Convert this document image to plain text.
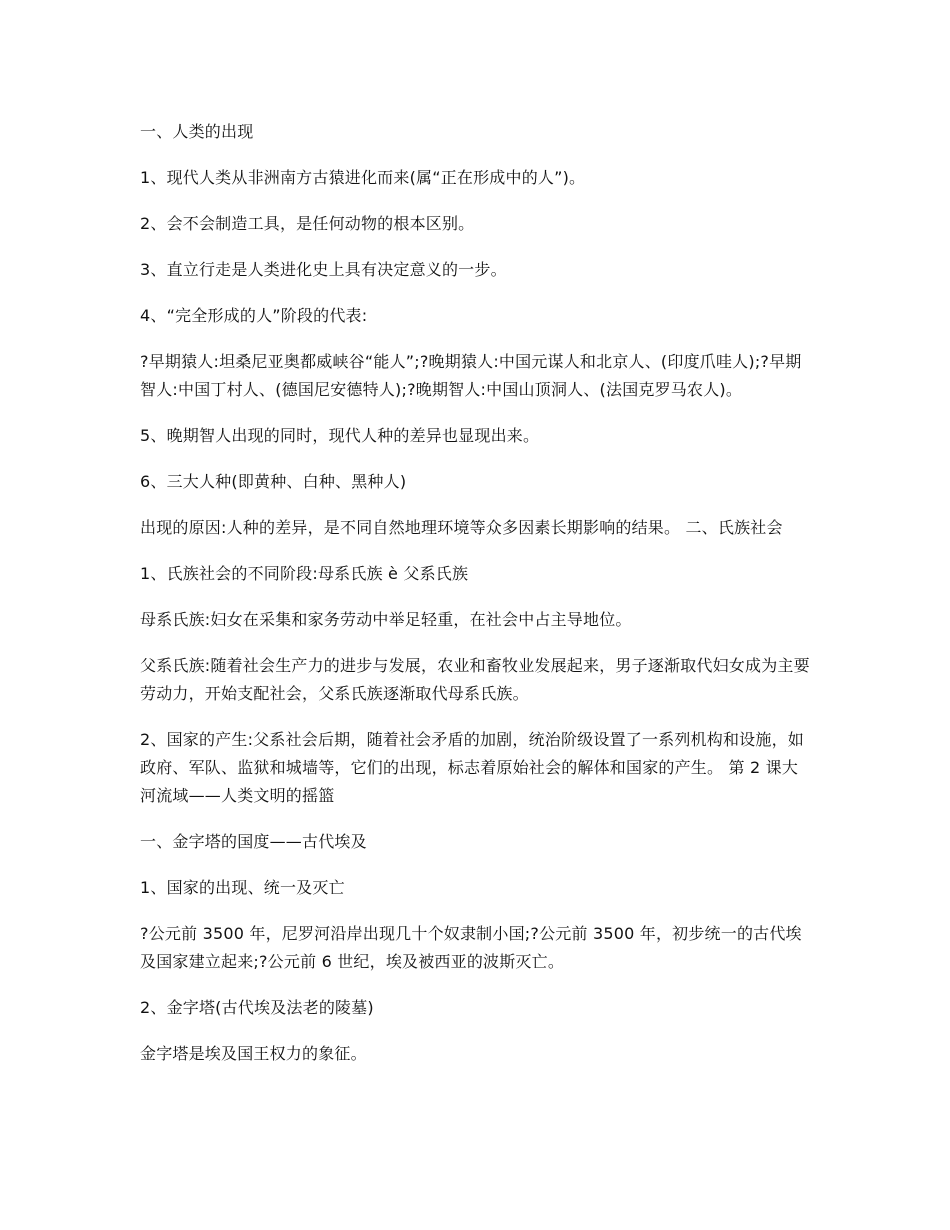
一、人类的出现

1、现代人类从非洲南方古猿进化而来(属“正在形成中的人”)。

2、会不会制造工具，是任何动物的根本区别。

3、直立行走是人类进化史上具有决定意义的一步。

4、“完全形成的人”阶段的代表:

?早期猿人:坦桑尼亚奥都威峡谷“能人”;?晚期猿人:中国元谋人和北京人、(印度爪哇人);?早期智人:中国丁村人、(德国尼安德特人);?晚期智人:中国山顶洞人、(法国克罗马农人)。

5、晚期智人出现的同时，现代人种的差异也显现出来。

6、三大人种(即黄种、白种、黑种人)

出现的原因:人种的差异，是不同自然地理环境等众多因素长期影响的结果。 二、氏族社会

1、氏族社会的不同阶段:母系氏族 è 父系氏族

母系氏族:妇女在采集和家务劳动中举足轻重，在社会中占主导地位。

父系氏族:随着社会生产力的进步与发展，农业和畜牧业发展起来，男子逐渐取代妇女成为主要劳动力，开始支配社会，父系氏族逐渐取代母系氏族。

2、国家的产生:父系社会后期，随着社会矛盾的加剧，统治阶级设置了一系列机构和设施，如政府、军队、监狱和城墙等，它们的出现，标志着原始社会的解体和国家的产生。 第 2 课大河流域——人类文明的摇篮

一、金字塔的国度——古代埃及

1、国家的出现、统一及灭亡

?公元前 3500 年，尼罗河沿岸出现几十个奴隶制小国;?公元前 3500 年，初步统一的古代埃及国家建立起来;?公元前 6 世纪，埃及被西亚的波斯灭亡。

2、金字塔(古代埃及法老的陵墓)

金字塔是埃及国王权力的象征。
